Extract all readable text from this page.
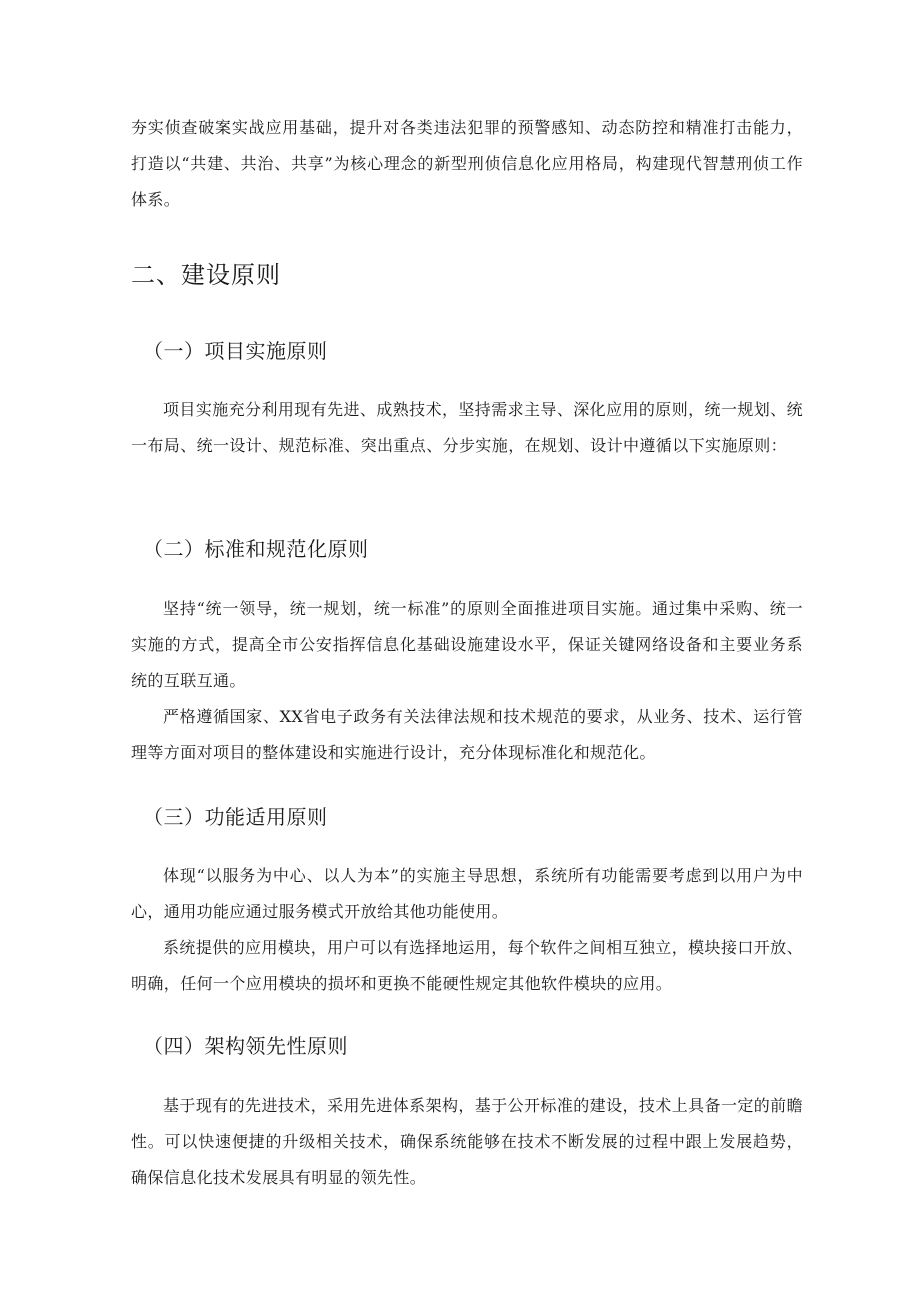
夯实侦查破案实战应用基础，提升对各类违法犯罪的预警感知、动态防控和精准打击能力，打造以“共建、共治、共享”为核心理念的新型刑侦信息化应用格局，构建现代智慧刑侦工作体系。

二、建设原则
（一）项目实施原则

项目实施充分利用现有先进、成熟技术，坚持需求主导、深化应用的原则，统一规划、统一布局、统一设计、规范标准、突出重点、分步实施，在规划、设计中遵循以下实施原则：

（二）标准和规范化原则

坚持“统一领导，统一规划，统一标准”的原则全面推进项目实施。通过集中采购、统一实施的方式，提高全市公安指挥信息化基础设施建设水平，保证关键网络设备和主要业务系统的互联互通。

严格遵循国家、XX省电子政务有关法律法规和技术规范的要求，从业务、技术、运行管理等方面对项目的整体建设和实施进行设计，充分体现标准化和规范化。

（三）功能适用原则

体现“以服务为中心、以人为本”的实施主导思想，系统所有功能需要考虑到以用户为中心，通用功能应通过服务模式开放给其他功能使用。

系统提供的应用模块，用户可以有选择地运用，每个软件之间相互独立，模块接口开放、明确，任何一个应用模块的损坏和更换不能硬性规定其他软件模块的应用。

（四）架构领先性原则

基于现有的先进技术，采用先进体系架构，基于公开标准的建设，技术上具备一定的前瞻性。可以快速便捷的升级相关技术，确保系统能够在技术不断发展的过程中跟上发展趋势，确保信息化技术发展具有明显的领先性。
